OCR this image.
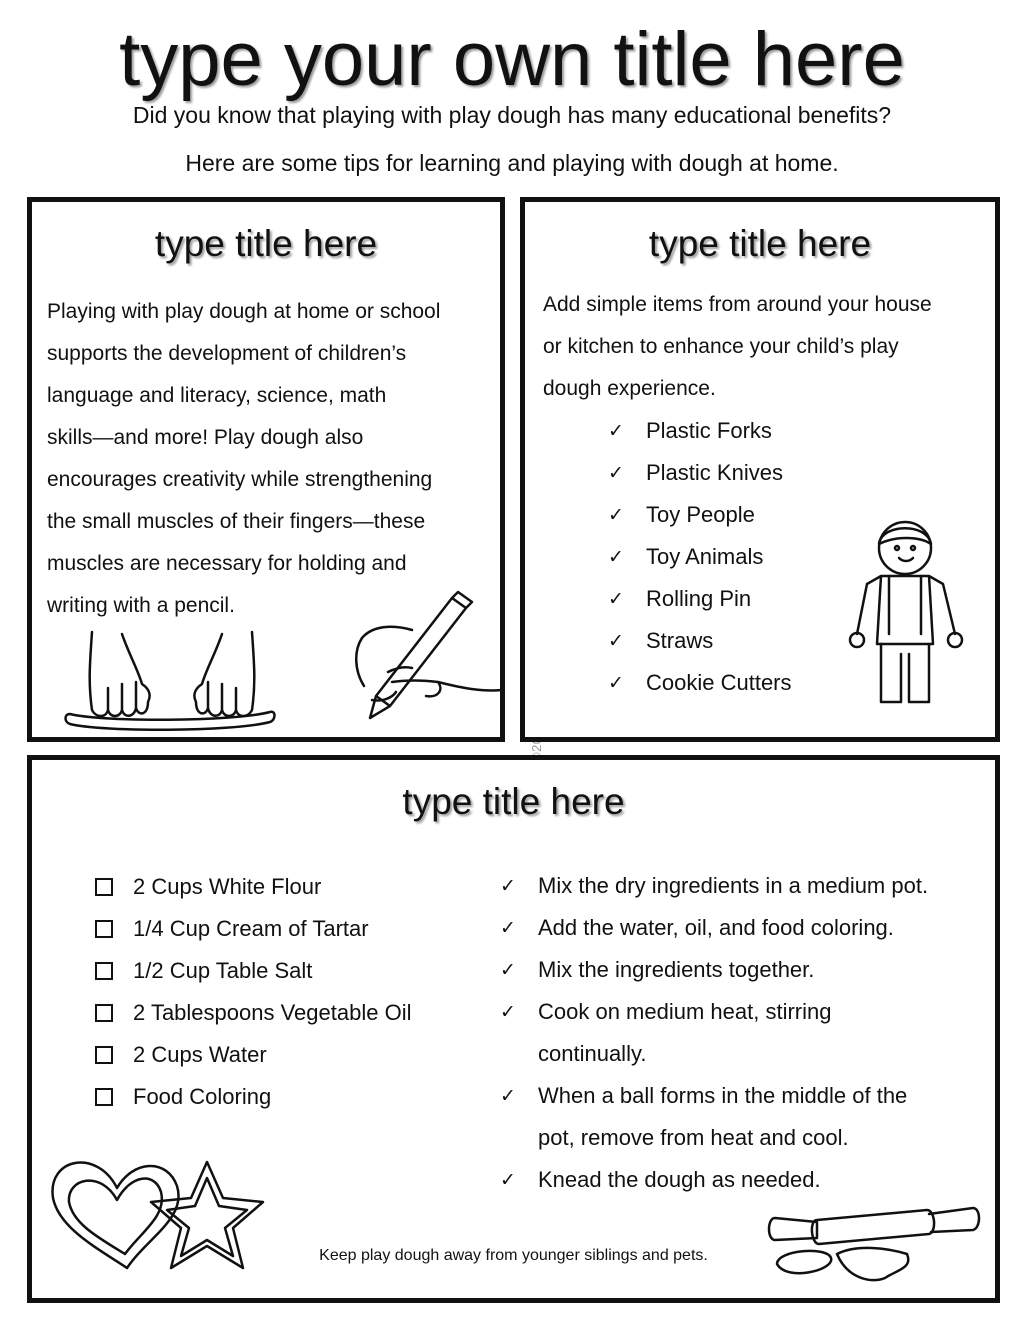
type your own title here
Did you know that playing with play dough has many educational benefits?
Here are some tips for learning and playing with dough at home.
type title here
Playing with play dough at home or school
supports the development of children’s
language and literacy, science, math
skills—and more! Play dough also
encourages creativity while strengthening
the small muscles of their fingers—these
muscles are necessary for holding and
writing with a pencil.
type title here
Add simple items from around your house
or kitchen to enhance your child’s play
dough experience.
✓ Plastic Forks
✓ Plastic Knives
✓ Toy People
✓ Toy Animals
✓ Rolling Pin
✓ Straws
✓ Cookie Cutters
type title here
2 Cups White Flour
1/4 Cup Cream of Tartar
1/2 Cup Table Salt
2 Tablespoons Vegetable Oil
2 Cups Water
Food Coloring
✓ Mix the dry ingredients in a medium pot.
✓ Add the water, oil, and food coloring.
✓ Mix the ingredients together.
✓ Cook on medium heat, stirring
continually.
✓ When a ball forms in the middle of the
pot, remove from heat and cool.
✓ Knead the dough as needed.
Keep play dough away from younger siblings and pets.
